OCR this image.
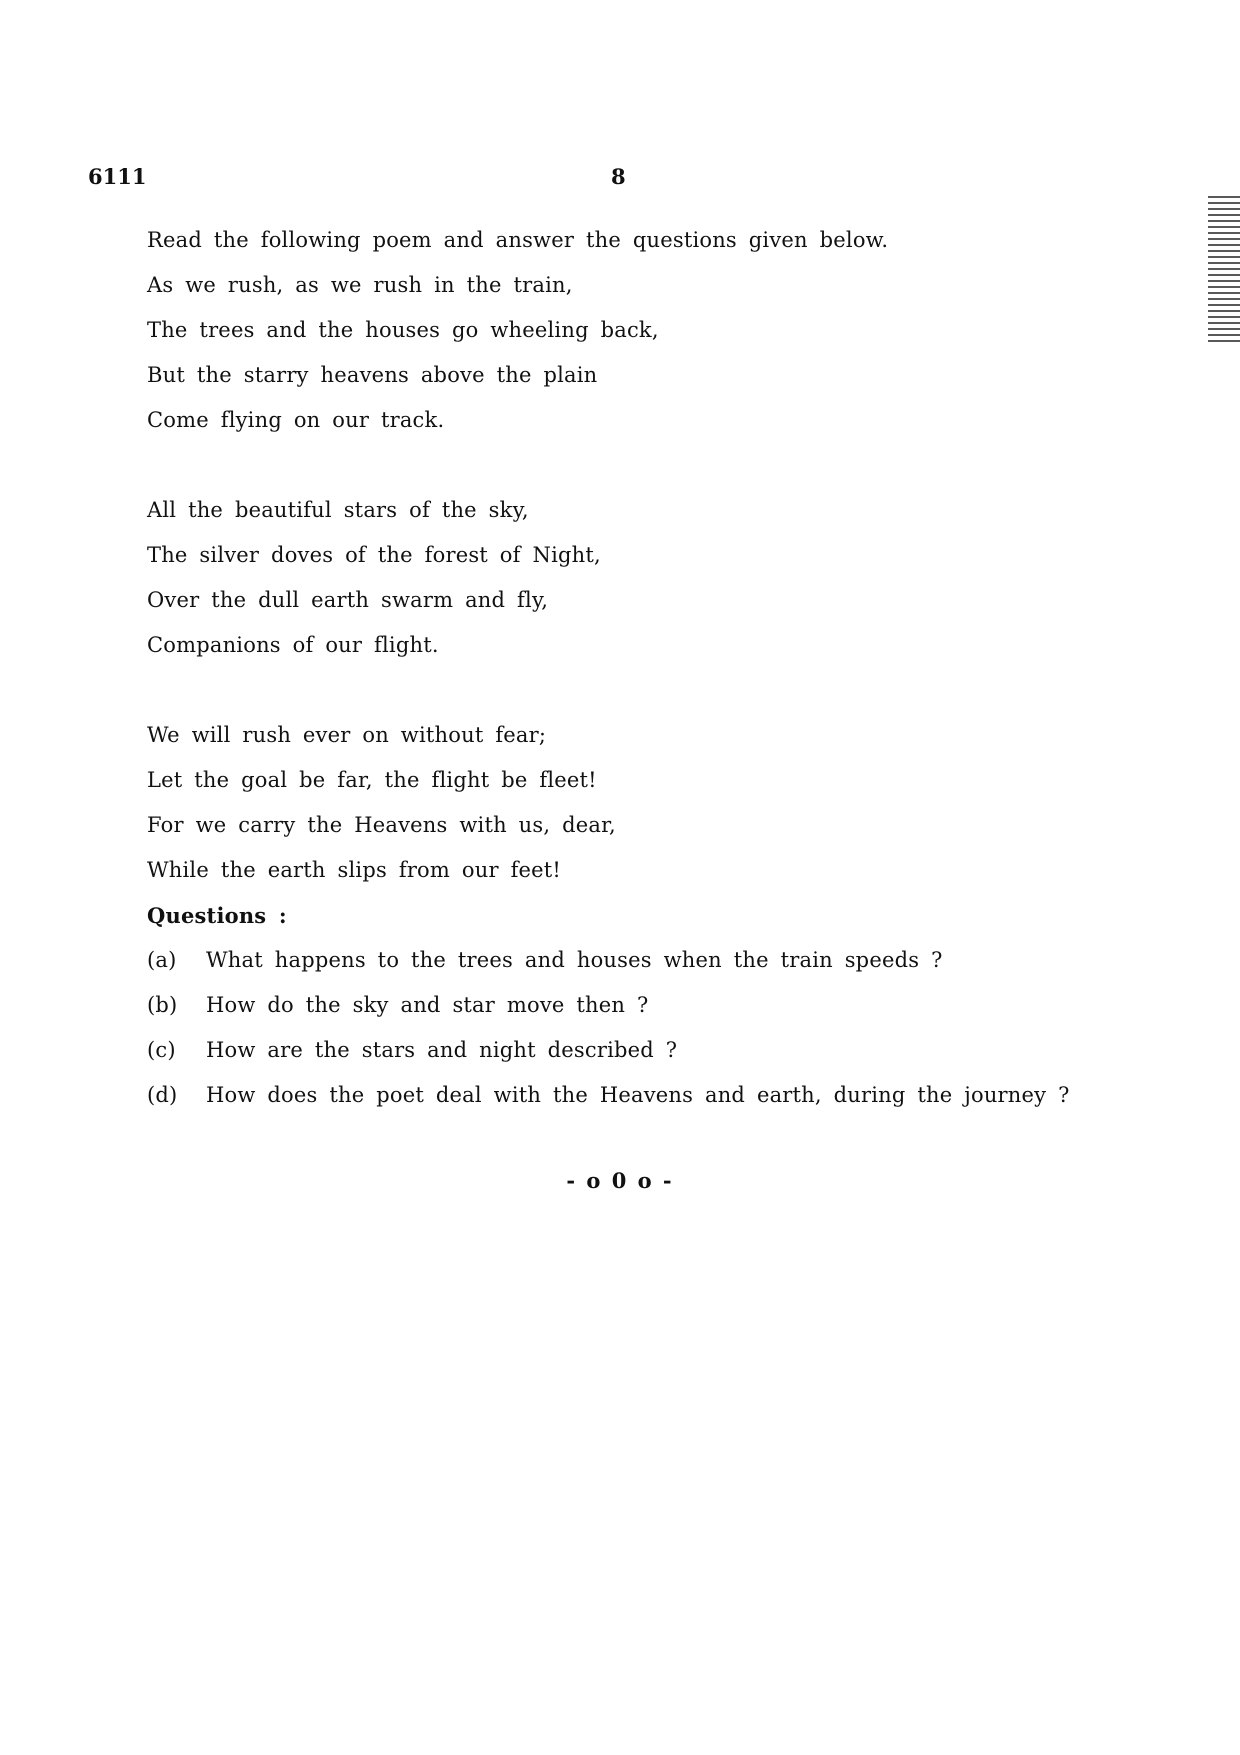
6111	8
Read the following poem and answer the questions given below.
As we rush, as we rush in the train,
The trees and the houses go wheeling back,
But the starry heavens above the plain
Come flying on our track.
All the beautiful stars of the sky,
The silver doves of the forest of Night,
Over the dull earth swarm and fly,
Companions of our flight.
We will rush ever on without fear;
Let the goal be far, the flight be fleet!
For we carry the Heavens with us, dear,
While the earth slips from our feet!
Questions :
(a)	What happens to the trees and houses when the train speeds ?
(b)	How do the sky and star move then ?
(c)	How are the stars and night described ?
(d)	How does the poet deal with the Heavens and earth, during the journey ?
- o 0 o -
